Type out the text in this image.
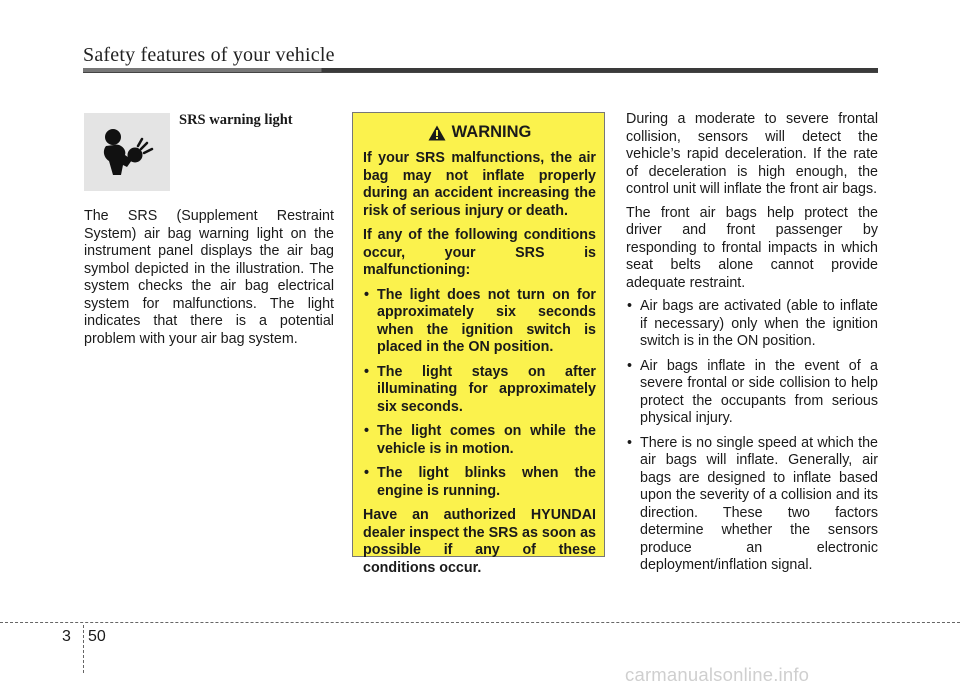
Safety features of your vehicle
SRS warning light

The SRS (Supplement Restraint System) air bag warning light on the instrument panel displays the air bag symbol depicted in the illustration. The system checks the air bag electrical system for malfunctions. The light indicates that there is a potential problem with your air bag system.

WARNING

If your SRS malfunctions, the air bag may not inflate properly during an accident increasing the risk of serious injury or death.

If any of the following conditions occur, your SRS is malfunctioning:

• The light does not turn on for approximately six seconds when the ignition switch is placed in the ON position.
• The light stays on after illuminating for approximately six seconds.
• The light comes on while the vehicle is in motion.
• The light blinks when the engine is running.

Have an authorized HYUNDAI dealer inspect the SRS as soon as possible if any of these conditions occur.

During a moderate to severe frontal collision, sensors will detect the vehicle’s rapid deceleration. If the rate of deceleration is high enough, the control unit will inflate the front air bags.

The front air bags help protect the driver and front passenger by responding to frontal impacts in which seat belts alone cannot provide adequate restraint.

• Air bags are activated (able to inflate if necessary) only when the ignition switch is in the ON position.
• Air bags inflate in the event of a severe frontal or side collision to help protect the occupants from serious physical injury.
• There is no single speed at which the air bags will inflate. Generally, air bags are designed to inflate based upon the severity of a collision and its direction. These two factors determine whether the sensors produce an electronic deployment/inflation signal.
3 50
carmanualsonline.info
